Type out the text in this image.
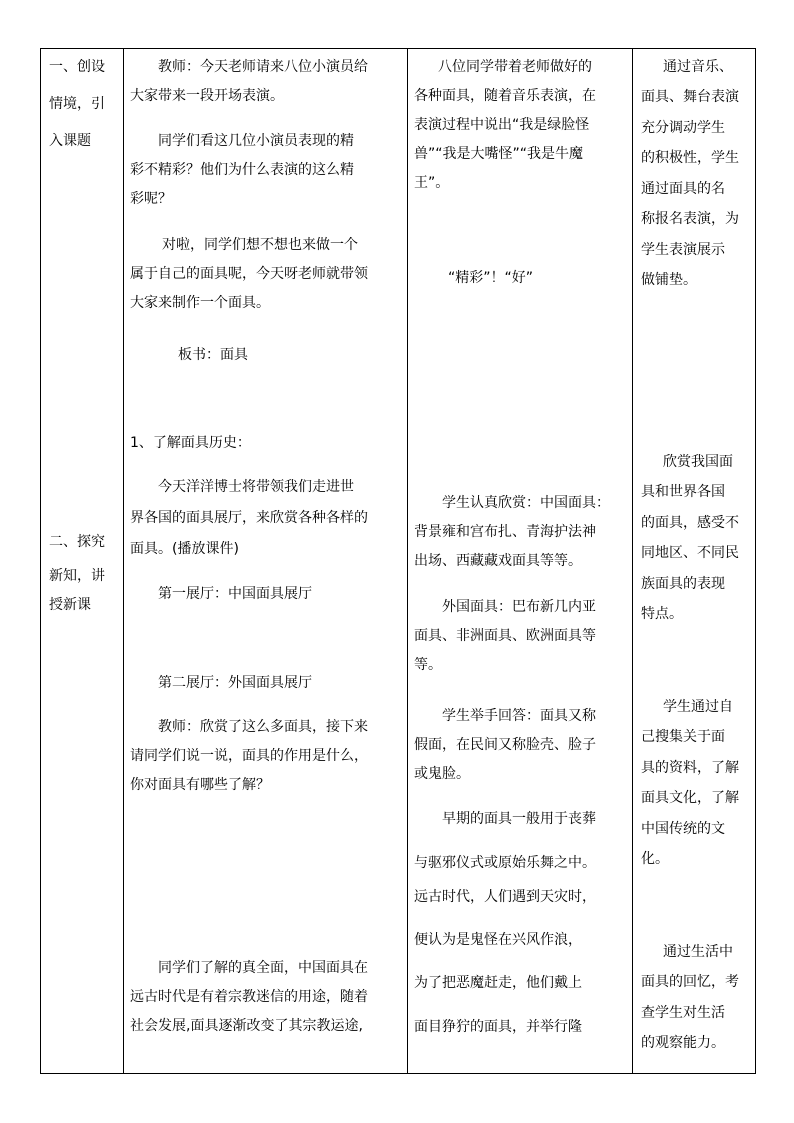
一、创设
情境，引
入课题
二、探究
新知，讲
授新课

教师：今天老师请来八位小演员给
大家带来一段开场表演。
同学们看这几位小演员表现的精
彩不精彩？他们为什么表演的这么精
彩呢？
对啦，同学们想不想也来做一个
属于自己的面具呢，今天呀老师就带领
大家来制作一个面具。
板书：面具
1、了解面具历史：
今天洋洋博士将带领我们走进世
界各国的面具展厅，来欣赏各种各样的
面具。(播放课件)
第一展厅：中国面具展厅
第二展厅：外国面具展厅
教师：欣赏了这么多面具，接下来
请同学们说一说，面具的作用是什么，
你对面具有哪些了解？
同学们了解的真全面，中国面具在
远古时代是有着宗教迷信的用途，随着
社会发展,面具逐渐改变了其宗教运途,

八位同学带着老师做好的
各种面具，随着音乐表演，在
表演过程中说出“我是绿脸怪
兽”“我是大嘴怪”“我是牛魔
王”。
“精彩”！“好”
学生认真欣赏：中国面具：
背景雍和宫布扎、青海护法神
出场、西藏藏戏面具等等。
外国面具：巴布新几内亚
面具、非洲面具、欧洲面具等
等。
学生举手回答：面具又称
假面，在民间又称脸壳、脸子
或鬼脸。
早期的面具一般用于丧葬
与驱邪仪式或原始乐舞之中。
远古时代，人们遇到天灾时，
便认为是鬼怪在兴风作浪，
为了把恶魔赶走，他们戴上
面目狰狞的面具，并举行隆

通过音乐、
面具、舞台表演
充分调动学生
的积极性，学生
通过面具的名
称报名表演，为
学生表演展示
做铺垫。
欣赏我国面
具和世界各国
的面具，感受不
同地区、不同民
族面具的表现
特点。
学生通过自
己搜集关于面
具的资料，了解
面具文化，了解
中国传统的文
化。
通过生活中
面具的回忆，考
查学生对生活
的观察能力。
